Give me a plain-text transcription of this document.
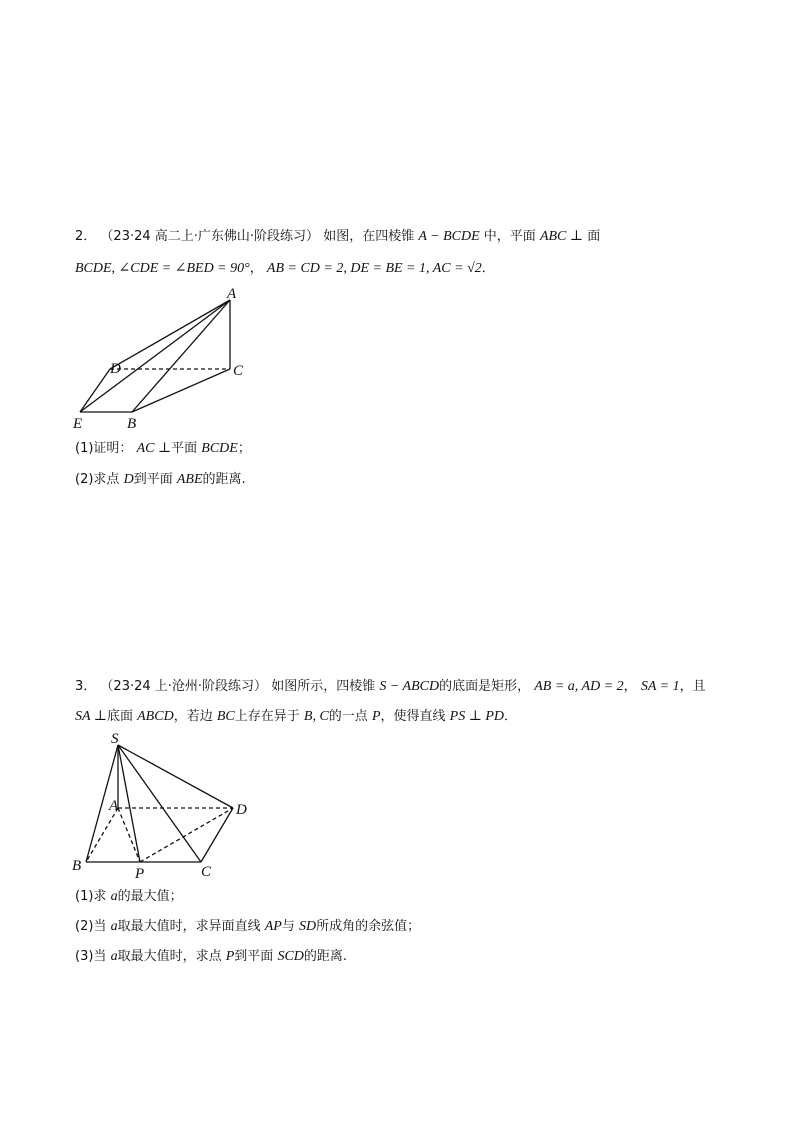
2． （23·24 高二上·广东佛山·阶段练习） 如图，在四棱锥 A − BCDE 中，平面 ABC ⊥ 面
BCDE, ∠CDE = ∠BED = 90°， AB = CD = 2, DE = BE = 1, AC = √2．
A
C
D
E	B
(1)证明： AC ⊥平面 BCDE；
(2)求点 D到平面 ABE的距离.
3． （23·24 上·沧州·阶段练习） 如图所示，四棱锥 S − ABCD的底面是矩形， AB = a, AD = 2， SA = 1，且
SA ⊥底面 ABCD，若边 BC上存在异于 B, C的一点 P，使得直线 PS ⊥ PD．
S
A	D
B	P	C
(1)求 a的最大值；
(2)当 a取最大值时，求异面直线 AP与 SD所成角的余弦值；
(3)当 a取最大值时，求点 P到平面 SCD的距离.
